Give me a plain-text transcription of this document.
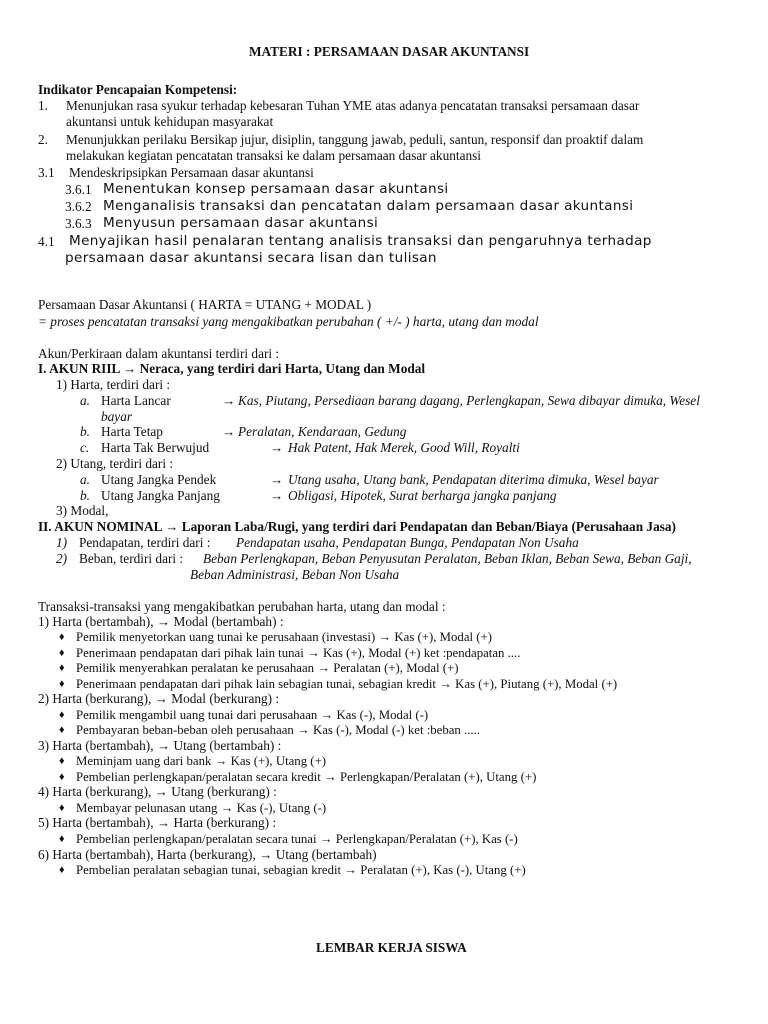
MATERI : PERSAMAAN DASAR AKUNTANSI
Indikator Pencapaian Kompetensi:
1. Menunjukan rasa syukur terhadap kebesaran Tuhan YME atas adanya pencatatan transaksi persamaan dasar
akuntansi untuk kehidupan masyarakat
2. Menunjukkan perilaku Bersikap jujur, disiplin, tanggung jawab, peduli, santun, responsif dan proaktif dalam
melakukan kegiatan pencatatan transaksi ke dalam persamaan dasar akuntansi
3.1 Mendeskripsipkan Persamaan dasar akuntansi
3.6.1 Menentukan konsep persamaan dasar akuntansi
3.6.2 Menganalisis transaksi dan pencatatan dalam persamaan dasar akuntansi
3.6.3 Menyusun persamaan dasar akuntansi
4.1 Menyajikan hasil penalaran tentang analisis transaksi dan pengaruhnya terhadap
persamaan dasar akuntansi secara lisan dan tulisan
Persamaan Dasar Akuntansi ( HARTA = UTANG + MODAL )
= proses pencatatan transaksi yang mengakibatkan perubahan ( +/- ) harta, utang dan modal
Akun/Perkiraan dalam akuntansi terdiri dari :
I. AKUN RIIL → Neraca, yang terdiri dari Harta, Utang dan Modal
1) Harta, terdiri dari :
a. Harta Lancar	→ Kas, Piutang, Persediaan barang dagang, Perlengkapan, Sewa dibayar dimuka, Wesel
bayar
b. Harta Tetap	→ Peralatan, Kendaraan, Gedung
c. Harta Tak Berwujud	→ Hak Patent, Hak Merek, Good Will, Royalti
2) Utang, terdiri dari :
a. Utang Jangka Pendek	→ Utang usaha, Utang bank, Pendapatan diterima dimuka, Wesel bayar
b. Utang Jangka Panjang	→ Obligasi, Hipotek, Surat berharga jangka panjang
3) Modal,
II. AKUN NOMINAL → Laporan Laba/Rugi, yang terdiri dari Pendapatan dan Beban/Biaya (Perusahaan Jasa)
1) Pendapatan, terdiri dari : Pendapatan usaha, Pendapatan Bunga, Pendapatan Non Usaha
2) Beban, terdiri dari : Beban Perlengkapan, Beban Penyusutan Peralatan, Beban Iklan, Beban Sewa, Beban Gaji,
Beban Administrasi, Beban Non Usaha
Transaksi-transaksi yang mengakibatkan perubahan harta, utang dan modal :
1) Harta (bertambah), → Modal (bertambah) :
♦ Pemilik menyetorkan uang tunai ke perusahaan (investasi) → Kas (+), Modal (+)
♦ Penerimaan pendapatan dari pihak lain tunai → Kas (+), Modal (+) ket :pendapatan ....
♦ Pemilik menyerahkan peralatan ke perusahaan → Peralatan (+), Modal (+)
♦ Penerimaan pendapatan dari pihak lain sebagian tunai, sebagian kredit → Kas (+), Piutang (+), Modal (+)
2) Harta (berkurang), → Modal (berkurang) :
♦ Pemilik mengambil uang tunai dari perusahaan → Kas (-), Modal (-)
♦ Pembayaran beban-beban oleh perusahaan → Kas (-), Modal (-) ket :beban .....
3) Harta (bertambah), → Utang (bertambah) :
♦ Meminjam uang dari bank → Kas (+), Utang (+)
♦ Pembelian perlengkapan/peralatan secara kredit → Perlengkapan/Peralatan (+), Utang (+)
4) Harta (berkurang), → Utang (berkurang) :
♦ Membayar pelunasan utang → Kas (-), Utang (-)
5) Harta (bertambah), → Harta (berkurang) :
♦ Pembelian perlengkapan/peralatan secara tunai → Perlengkapan/Peralatan (+), Kas (-)
6) Harta (bertambah), Harta (berkurang), → Utang (bertambah)
♦ Pembelian peralatan sebagian tunai, sebagian kredit → Peralatan (+), Kas (-), Utang (+)
LEMBAR KERJA SISWA
